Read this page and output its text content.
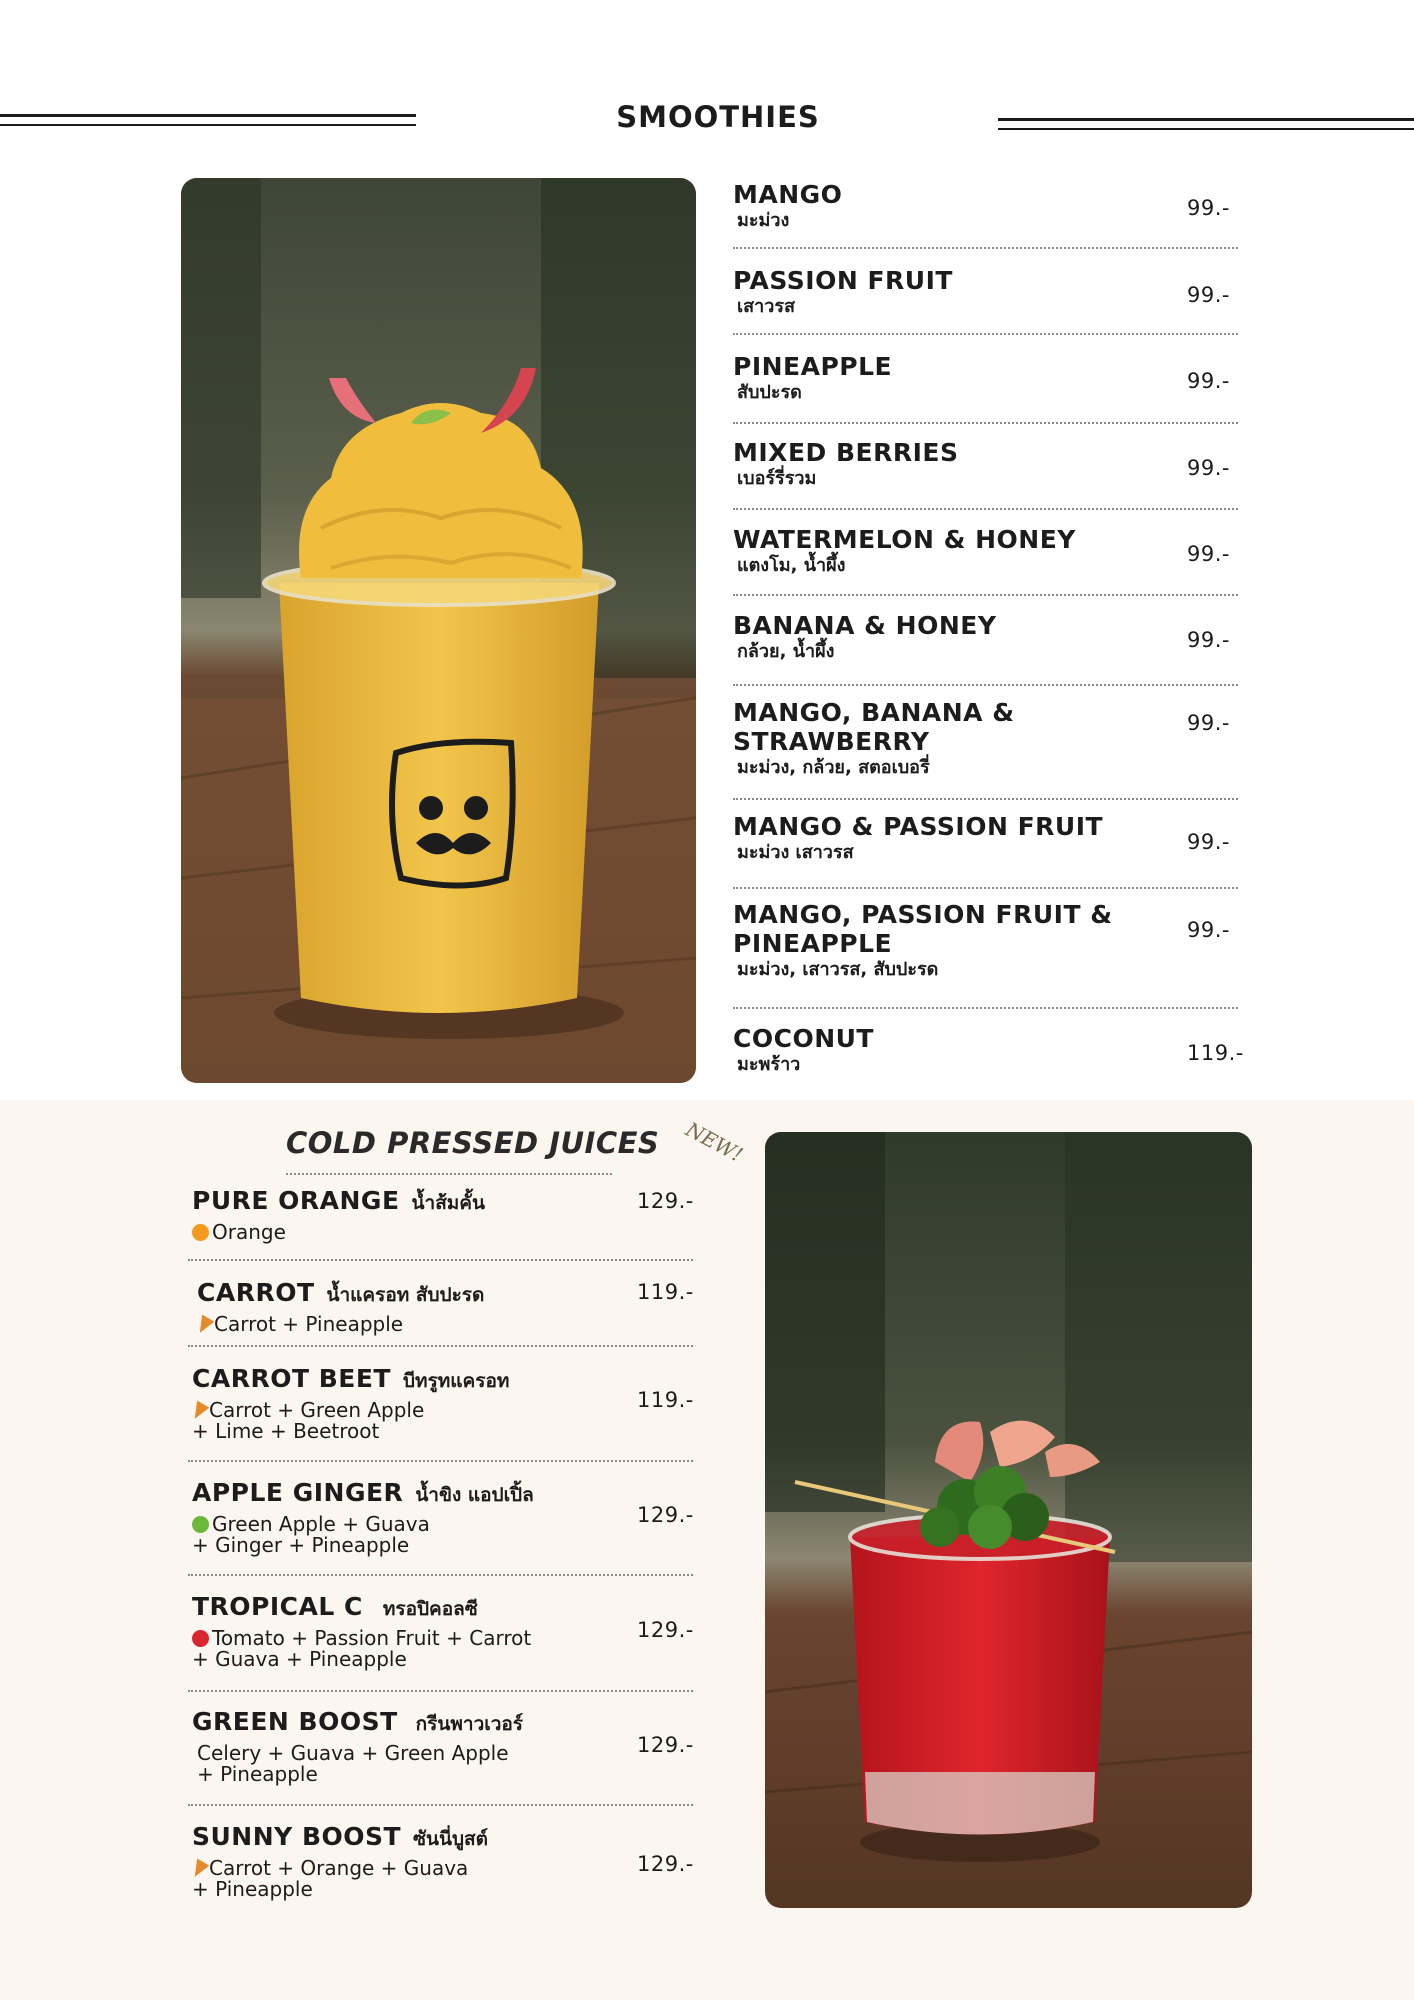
SMOOTHIES
MANGO
มะม่วง
99.-
PASSION FRUIT
เสาวรส	99.-
PINEAPPLE
สับปะรด	99.-
MIXED BERRIES
เบอร์รี่รวม	99.-
WATERMELON & HONEY
แตงโม, น้ำผึ้ง	99.-
BANANA & HONEY
กล้วย, น้ำผึ้ง	99.-
MANGO, BANANA & STRAWBERRY
มะม่วง, กล้วย, สตอเบอรี่
99.-
MANGO & PASSION FRUIT
มะม่วง เสาวรส	99.-
MANGO, PASSION FRUIT & PINEAPPLE
มะม่วง, เสาวรส, สับปะรด
99.-
COCONUT
มะพร้าว	119.-
COLD PRESSED JUICES NEW!
PURE ORANGE น้ำส้มคั้น
Orange
129.-
CARROT น้ำแครอท สับปะรด
Carrot + Pineapple
119.-
CARROT BEET บีทรูทแครอท
Carrot + Green Apple
+ Lime + Beetroot
119.-
APPLE GINGER น้ำขิง แอปเปิ้ล
Green Apple + Guava
+ Ginger + Pineapple
129.-
TROPICAL C ทรอปิคอลซี
Tomato + Passion Fruit + Carrot
+ Guava + Pineapple
129.-
GREEN BOOST กรีนพาวเวอร์
Celery + Guava + Green Apple
+ Pineapple
129.-
SUNNY BOOST ซันนี่บูสต์
Carrot + Orange + Guava
+ Pineapple
129.-
